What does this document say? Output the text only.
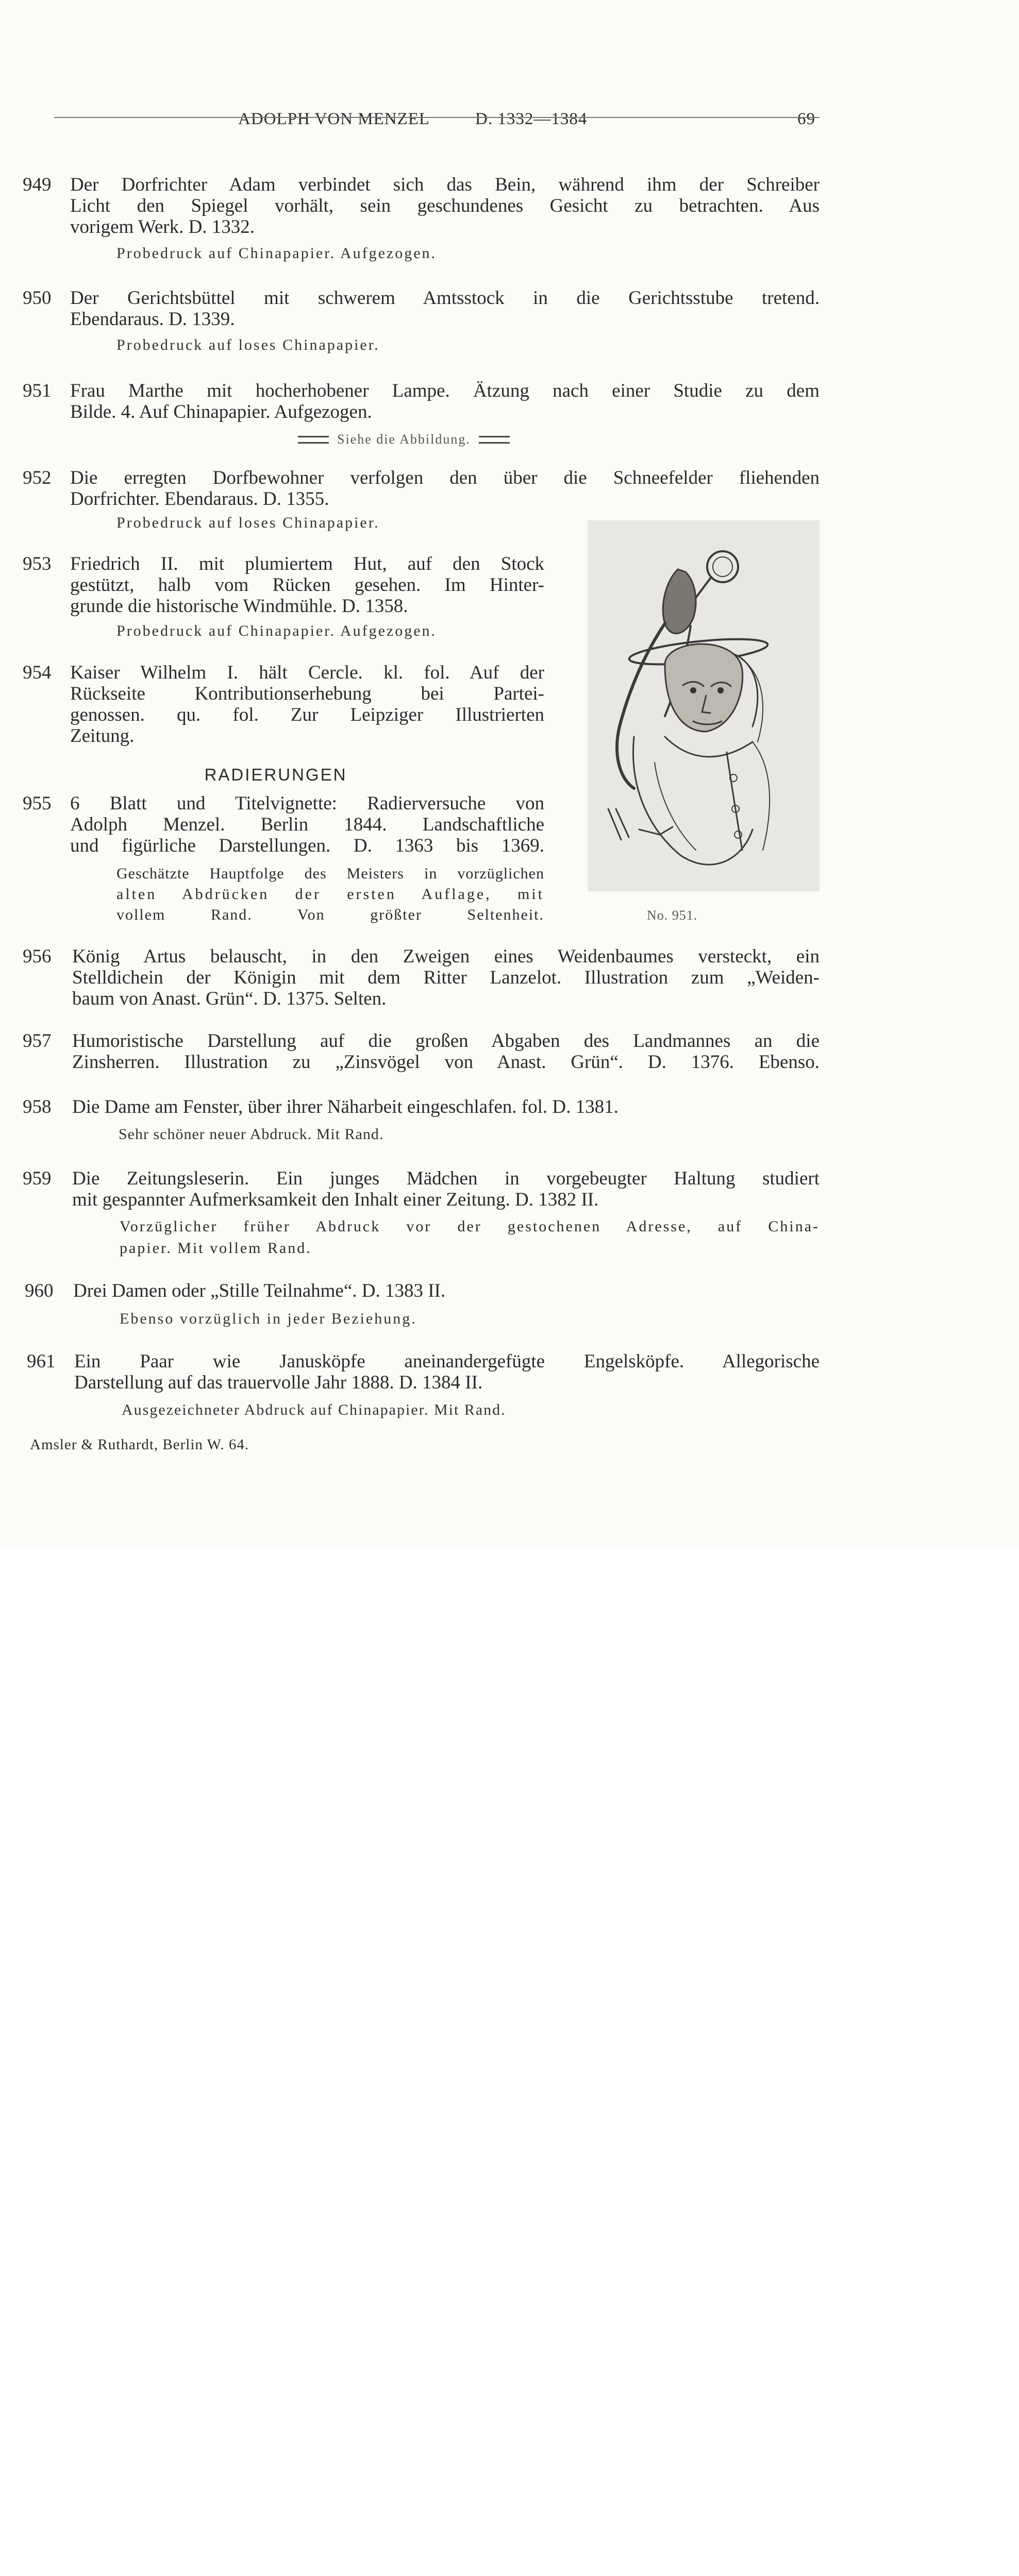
ADOLPH VON MENZEL	D. 1332—1384	69
949 Der Dorfrichter Adam verbindet sich das Bein, während ihm der Schreiber
Licht den Spiegel vorhält, sein geschundenes Gesicht zu betrachten. Aus
vorigem Werk. D. 1332.
Probedruck auf Chinapapier. Aufgezogen.
950 Der Gerichtsbüttel mit schwerem Amtsstock in die Gerichtsstube tretend.
Ebendaraus. D. 1339.
Probedruck auf loses Chinapapier.
951 Frau Marthe mit hocherhobener Lampe. Ätzung nach einer Studie zu dem
Bilde. 4. Auf Chinapapier. Aufgezogen.
Siehe die Abbildung.
952 Die erregten Dorfbewohner verfolgen den über die Schneefelder fliehenden
Dorfrichter. Ebendaraus. D. 1355.
Probedruck auf loses Chinapapier.
953 Friedrich II. mit plumiertem Hut, auf den Stock
gestützt, halb vom Rücken gesehen. Im Hinter-
grunde die historische Windmühle. D. 1358.
Probedruck auf Chinapapier. Aufgezogen.
954 Kaiser Wilhelm I. hält Cercle. kl. fol. Auf der
Rückseite Kontributionserhebung bei Partei-
genossen. qu. fol. Zur Leipziger Illustrierten
Zeitung.
RADIERUNGEN
955 6 Blatt und Titelvignette: Radierversuche von
Adolph Menzel. Berlin 1844. Landschaftliche
und figürliche Darstellungen. D. 1363 bis 1369.
Geschätzte Hauptfolge des Meisters in vorzüglichen
alten Abdrücken der ersten Auflage, mit
vollem Rand. Von größter Seltenheit.	No. 951.
956 König Artus belauscht, in den Zweigen eines Weidenbaumes versteckt, ein
Stelldichein der Königin mit dem Ritter Lanzelot. Illustration zum „Weiden-
baum von Anast. Grün“. D. 1375. Selten.
957 Humoristische Darstellung auf die großen Abgaben des Landmannes an die
Zinsherren. Illustration zu „Zinsvögel von Anast. Grün“. D. 1376. Ebenso.
958 Die Dame am Fenster, über ihrer Näharbeit eingeschlafen. fol. D. 1381.
Sehr schöner neuer Abdruck. Mit Rand.
959 Die Zeitungsleserin. Ein junges Mädchen in vorgebeugter Haltung studiert
mit gespannter Aufmerksamkeit den Inhalt einer Zeitung. D. 1382 II.
Vorzüglicher früher Abdruck vor der gestochenen Adresse, auf China-
papier. Mit vollem Rand.
960 Drei Damen oder „Stille Teilnahme“. D. 1383 II.
Ebenso vorzüglich in jeder Beziehung.
961 Ein Paar wie Janusköpfe aneinandergefügte Engelsköpfe. Allegorische
Darstellung auf das trauervolle Jahr 1888. D. 1384 II.
Ausgezeichneter Abdruck auf Chinapapier. Mit Rand.
Amsler & Ruthardt, Berlin W. 64.
